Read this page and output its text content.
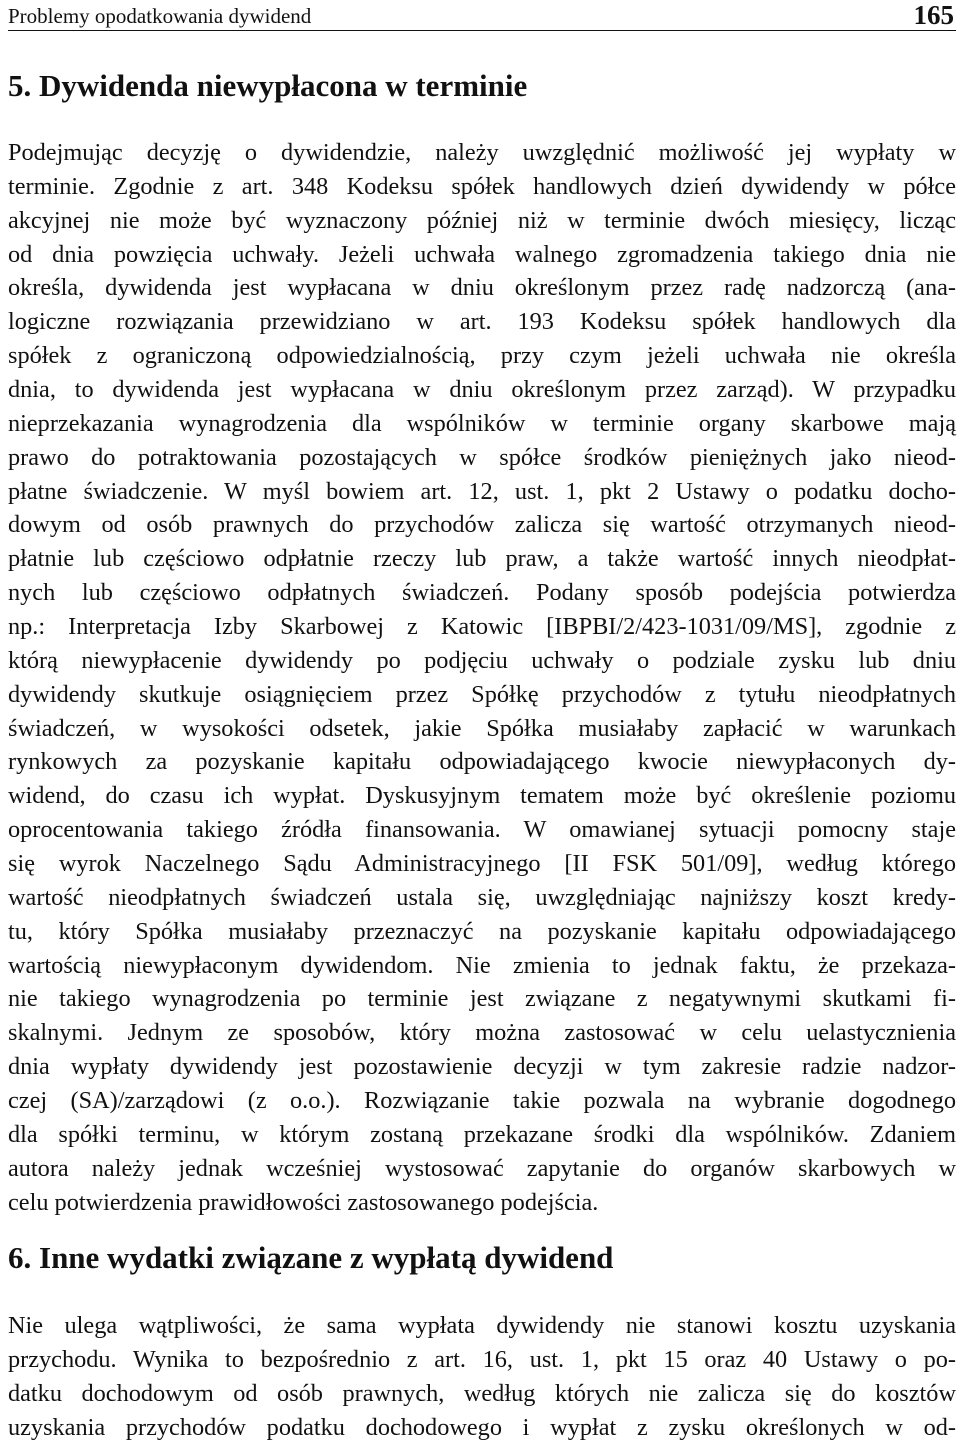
Problemy opodatkowania dywidend	165
5. Dywidenda niewypłacona w terminie
Podejmując decyzję o dywidendzie, należy uwzględnić możliwość jej wypłaty w
terminie. Zgodnie z art. 348 Kodeksu spółek handlowych dzień dywidendy w półce
akcyjnej nie może być wyznaczony później niż w terminie dwóch miesięcy, licząc
od dnia powzięcia uchwały. Jeżeli uchwała walnego zgromadzenia takiego dnia nie
określa, dywidenda jest wypłacana w dniu określonym przez radę nadzorczą (ana-
logiczne rozwiązania przewidziano w art. 193 Kodeksu spółek handlowych dla
spółek z ograniczoną odpowiedzialnością, przy czym jeżeli uchwała nie określa
dnia, to dywidenda jest wypłacana w dniu określonym przez zarząd). W przypadku
nieprzekazania wynagrodzenia dla wspólników w terminie organy skarbowe mają
prawo do potraktowania pozostających w spółce środków pieniężnych jako nieod-
płatne świadczenie. W myśl bowiem art. 12, ust. 1, pkt 2 Ustawy o podatku docho-
dowym od osób prawnych do przychodów zalicza się wartość otrzymanych nieod-
płatnie lub częściowo odpłatnie rzeczy lub praw, a także wartość innych nieodpłat-
nych lub częściowo odpłatnych świadczeń. Podany sposób podejścia potwierdza
np.: Interpretacja Izby Skarbowej z Katowic [IBPBI/2/423-1031/09/MS], zgodnie z
którą niewypłacenie dywidendy po podjęciu uchwały o podziale zysku lub dniu
dywidendy skutkuje osiągnięciem przez Spółkę przychodów z tytułu nieodpłatnych
świadczeń, w wysokości odsetek, jakie Spółka musiałaby zapłacić w warunkach
rynkowych za pozyskanie kapitału odpowiadającego kwocie niewypłaconych dy-
widend, do czasu ich wypłat. Dyskusyjnym tematem może być określenie poziomu
oprocentowania takiego źródła finansowania. W omawianej sytuacji pomocny staje
się wyrok Naczelnego Sądu Administracyjnego [II FSK 501/09], według którego
wartość nieodpłatnych świadczeń ustala się, uwzględniając najniższy koszt kredy-
tu, który Spółka musiałaby przeznaczyć na pozyskanie kapitału odpowiadającego
wartością niewypłaconym dywidendom. Nie zmienia to jednak faktu, że przekaza-
nie takiego wynagrodzenia po terminie jest związane z negatywnymi skutkami fi-
skalnymi. Jednym ze sposobów, który można zastosować w celu uelastycznienia
dnia wypłaty dywidendy jest pozostawienie decyzji w tym zakresie radzie nadzor-
czej (SA)/zarządowi (z o.o.). Rozwiązanie takie pozwala na wybranie dogodnego
dla spółki terminu, w którym zostaną przekazane środki dla wspólników. Zdaniem
autora należy jednak wcześniej wystosować zapytanie do organów skarbowych w
celu potwierdzenia prawidłowości zastosowanego podejścia.
6. Inne wydatki związane z wypłatą dywidend
Nie ulega wątpliwości, że sama wypłata dywidendy nie stanowi kosztu uzyskania
przychodu. Wynika to bezpośrednio z art. 16, ust. 1, pkt 15 oraz 40 Ustawy o po-
datku dochodowym od osób prawnych, według których nie zalicza się do kosztów
uzyskania przychodów podatku dochodowego i wypłat z zysku określonych w od-
